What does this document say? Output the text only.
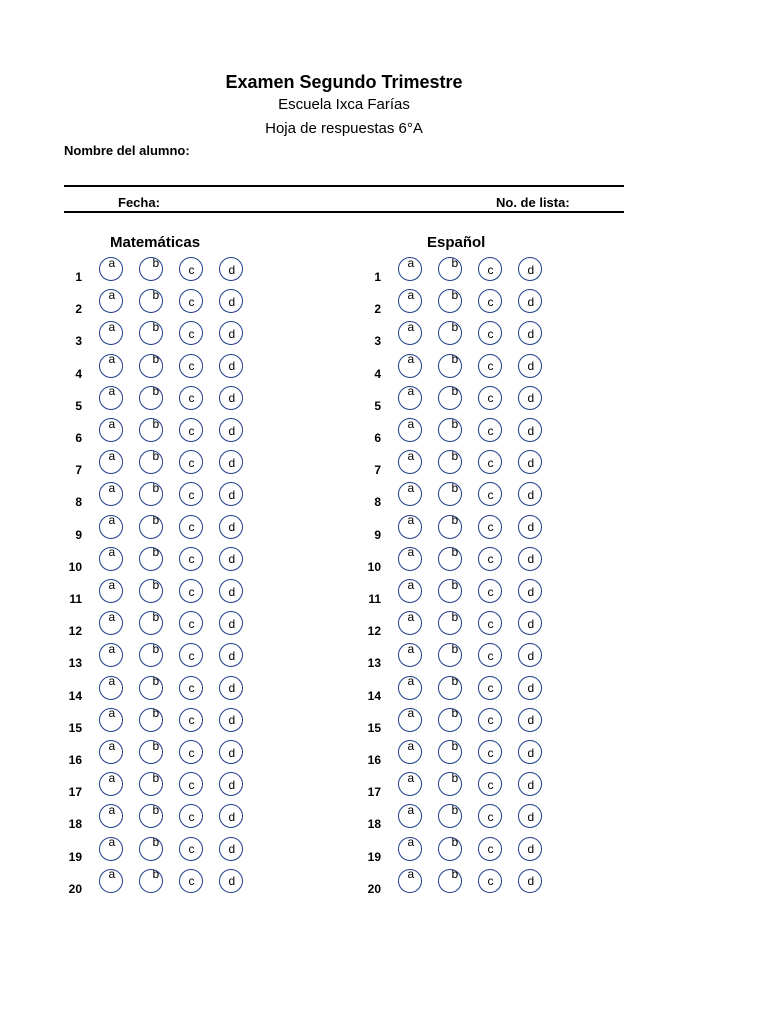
Examen Segundo Trimestre
Escuela Ixca Farías
Hoja de respuestas 6°A
Nombre del alumno:
Fecha:	No. de lista:
Matemáticas
1
a	b c	d
2
a	b c	d
3
a	b c	d
4
a	b c	d
5
a	b c	d
6
a	b c	d
7
a	b c	d
8
a	b c	d
9
a	b c	d
10
a	b c	d
11
a	b c	d
12
a	b c	d
13
a	b c	d
14
a	b c	d
15
a	b c	d
16
a	b c	d
17
a	b c	d
18
a	b c	d
19
a	b c	d
20
a	b c	d
Español
1
a	b c	d
2
a	b c	d
3
a	b c	d
4
a	b c	d
5
a	b c	d
6
a	b c	d
7
a	b c	d
8
a	b c	d
9
a	b c	d
10
a	b c	d
11
a	b c	d
12
a	b c	d
13
a	b c	d
14
a	b c	d
15
a	b c	d
16
a	b c	d
17
a	b c	d
18
a	b c	d
19
a	b c	d
20
a	b c	d
